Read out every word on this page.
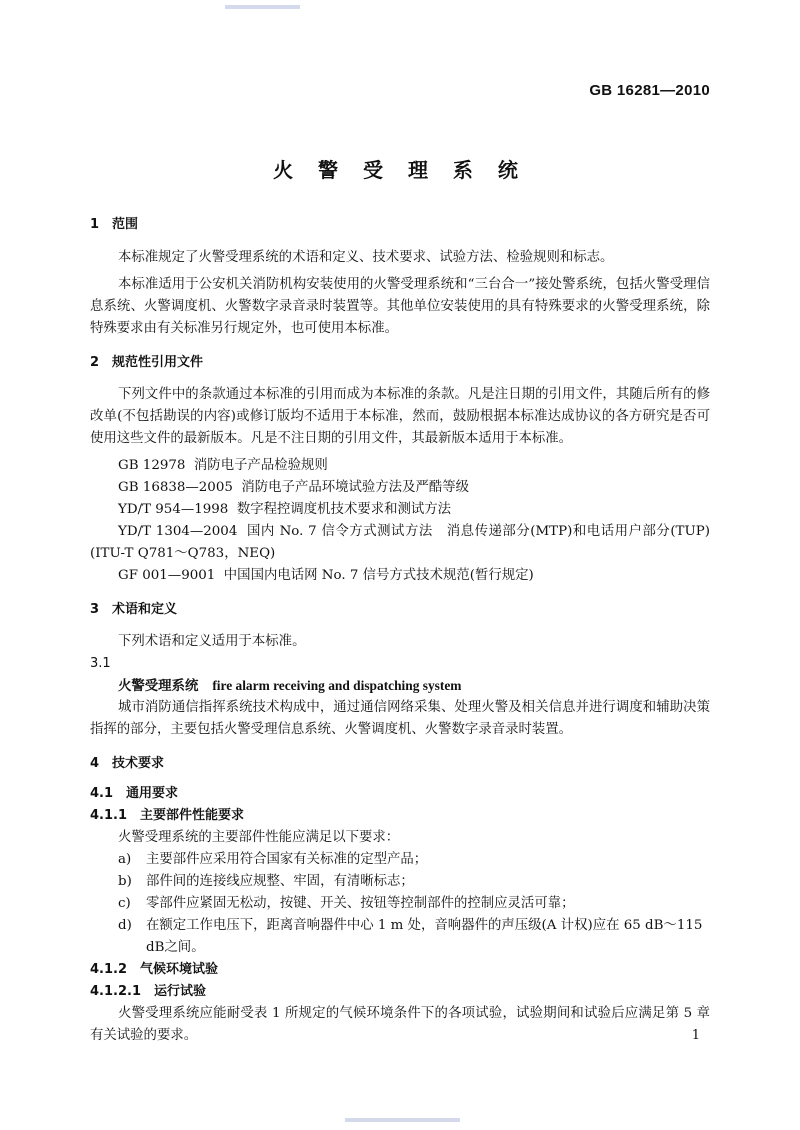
GB 16281—2010
火 警 受 理 系 统
1 范围
本标准规定了火警受理系统的术语和定义、技术要求、试验方法、检验规则和标志。
本标准适用于公安机关消防机构安装使用的火警受理系统和“三台合一”接处警系统，包括火警受理信息系统、火警调度机、火警数字录音录时装置等。其他单位安装使用的具有特殊要求的火警受理系统，除特殊要求由有关标准另行规定外，也可使用本标准。
2 规范性引用文件
下列文件中的条款通过本标准的引用而成为本标准的条款。凡是注日期的引用文件，其随后所有的修改单(不包括勘误的内容)或修订版均不适用于本标准，然而，鼓励根据本标准达成协议的各方研究是否可使用这些文件的最新版本。凡是不注日期的引用文件，其最新版本适用于本标准。
GB 12978 消防电子产品检验规则
GB 16838—2005 消防电子产品环境试验方法及严酷等级
YD/T 954—1998 数字程控调度机技术要求和测试方法
YD/T 1304—2004 国内 No. 7 信令方式测试方法　消息传递部分(MTP)和电话用户部分(TUP)(ITU-T Q781～Q783，NEQ)
GF 001—9001 中国国内电话网 No. 7 信号方式技术规范(暂行规定)
3 术语和定义
下列术语和定义适用于本标准。
3.1
火警受理系统 fire alarm receiving and dispatching system
城市消防通信指挥系统技术构成中，通过通信网络采集、处理火警及相关信息并进行调度和辅助决策指挥的部分，主要包括火警受理信息系统、火警调度机、火警数字录音录时装置。
4 技术要求
4.1 通用要求
4.1.1 主要部件性能要求
火警受理系统的主要部件性能应满足以下要求：
a)	主要部件应采用符合国家有关标准的定型产品；
b)	部件间的连接线应规整、牢固，有清晰标志；
c)	零部件应紧固无松动，按键、开关、按钮等控制部件的控制应灵活可靠；
d)	在额定工作电压下，距离音响器件中心 1 m 处，音响器件的声压级(A 计权)应在 65 dB～115 dB之间。
4.1.2 气候环境试验
4.1.2.1 运行试验
火警受理系统应能耐受表 1 所规定的气候环境条件下的各项试验，试验期间和试验后应满足第 5 章有关试验的要求。	1
